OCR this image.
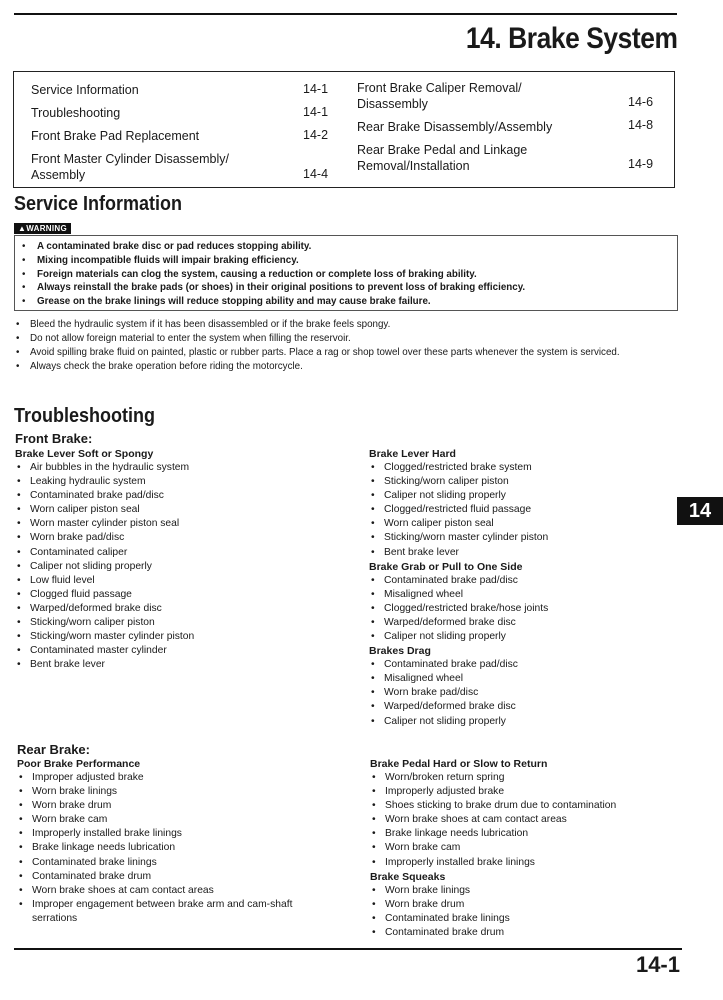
14. Brake System
Service Information	14-1
Troubleshooting	14-1
Front Brake Pad Replacement	14-2
Front Master Cylinder Disassembly/ Assembly	14-4
Front Brake Caliper Removal/ Disassembly	14-6
Rear Brake Disassembly/Assembly	14-8
Rear Brake Pedal and Linkage Removal/Installation	14-9
Service Information
▲WARNING
• A contaminated brake disc or pad reduces stopping ability.
• Mixing incompatible fluids will impair braking efficiency.
• Foreign materials can clog the system, causing a reduction or complete loss of braking ability.
• Always reinstall the brake pads (or shoes) in their original positions to prevent loss of braking efficiency.
• Grease on the brake linings will reduce stopping ability and may cause brake failure.
• Bleed the hydraulic system if it has been disassembled or if the brake feels spongy.
• Do not allow foreign material to enter the system when filling the reservoir.
• Avoid spilling brake fluid on painted, plastic or rubber parts. Place a rag or shop towel over these parts whenever the system is serviced.
• Always check the brake operation before riding the motorcycle.
Troubleshooting
Front Brake:
Brake Lever Soft or Spongy
• Air bubbles in the hydraulic system
• Leaking hydraulic system
• Contaminated brake pad/disc
• Worn caliper piston seal
• Worn master cylinder piston seal
• Worn brake pad/disc
• Contaminated caliper
• Caliper not sliding properly
• Low fluid level
• Clogged fluid passage
• Warped/deformed brake disc
• Sticking/worn caliper piston
• Sticking/worn master cylinder piston
• Contaminated master cylinder
• Bent brake lever
Brake Lever Hard
• Clogged/restricted brake system
• Sticking/worn caliper piston
• Caliper not sliding properly
• Clogged/restricted fluid passage
• Worn caliper piston seal
• Sticking/worn master cylinder piston
• Bent brake lever
Brake Grab or Pull to One Side
• Contaminated brake pad/disc
• Misaligned wheel
• Clogged/restricted brake/hose joints
• Warped/deformed brake disc
• Caliper not sliding properly
Brakes Drag
• Contaminated brake pad/disc
• Misaligned wheel
• Worn brake pad/disc
• Warped/deformed brake disc
• Caliper not sliding properly
14
Rear Brake:
Poor Brake Performance
• Improper adjusted brake
• Worn brake linings
• Worn brake drum
• Worn brake cam
• Improperly installed brake linings
• Brake linkage needs lubrication
• Contaminated brake linings
• Contaminated brake drum
• Worn brake shoes at cam contact areas
• Improper engagement between brake arm and cam-shaft serrations
Brake Pedal Hard or Slow to Return
• Worn/broken return spring
• Improperly adjusted brake
• Shoes sticking to brake drum due to contamination
• Worn brake shoes at cam contact areas
• Brake linkage needs lubrication
• Worn brake cam
• Improperly installed brake linings
Brake Squeaks
• Worn brake linings
• Worn brake drum
• Contaminated brake linings
• Contaminated brake drum
14-1
